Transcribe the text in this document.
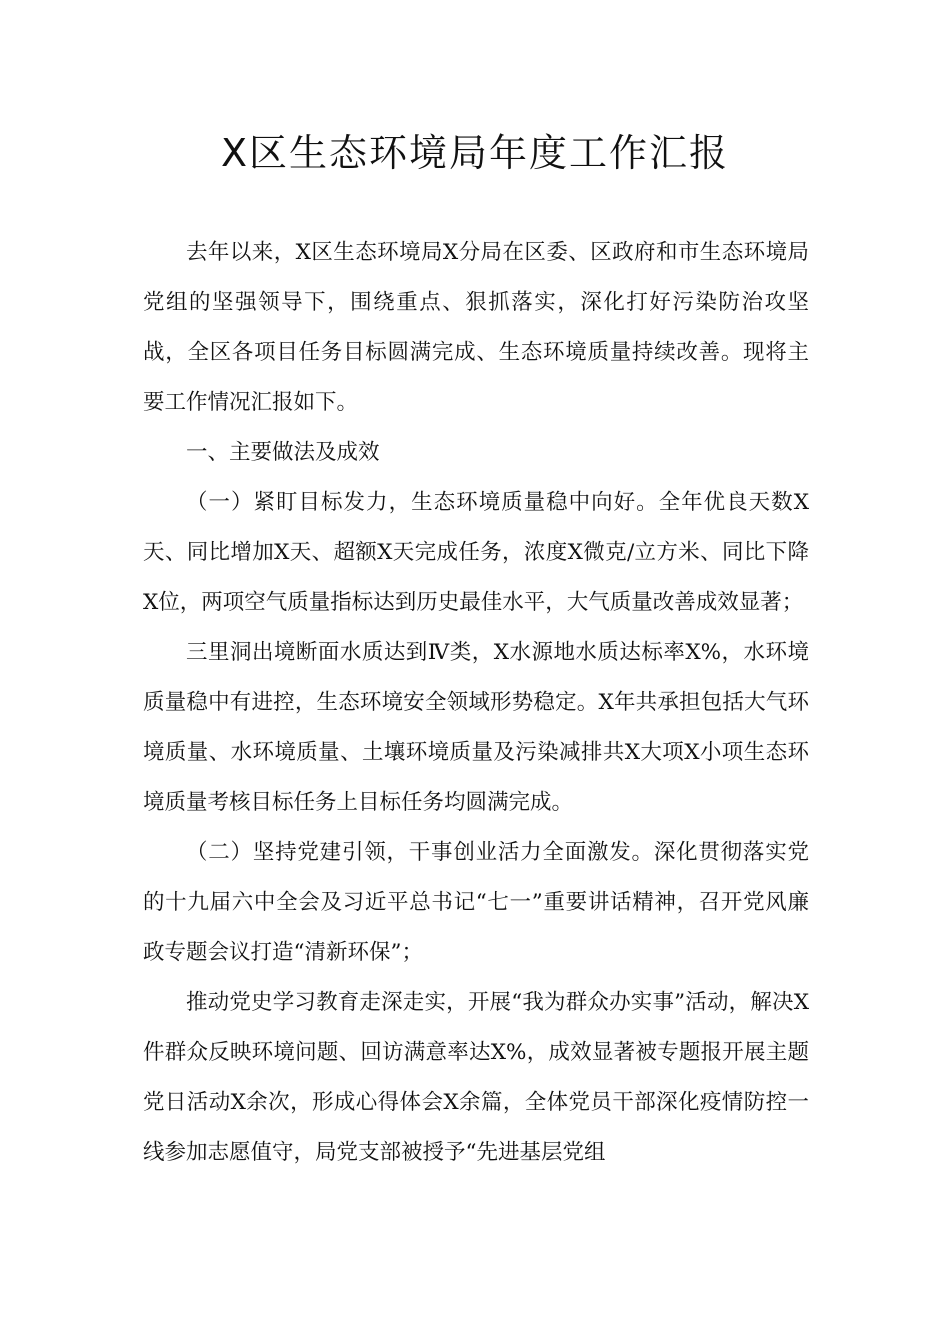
X区生态环境局年度工作汇报

去年以来，X区生态环境局X分局在区委、区政府和市生态环境局党组的坚强领导下，围绕重点、狠抓落实，深化打好污染防治攻坚战，全区各项目任务目标圆满完成、生态环境质量持续改善。现将主要工作情况汇报如下。

一、主要做法及成效

（一）紧盯目标发力，生态环境质量稳中向好。全年优良天数X天、同比增加X天、超额X天完成任务，浓度X微克/立方米、同比下降X位，两项空气质量指标达到历史最佳水平，大气质量改善成效显著；

三里洞出境断面水质达到Ⅳ类，X水源地水质达标率X%，水环境质量稳中有进控，生态环境安全领域形势稳定。X年共承担包括大气环境质量、水环境质量、土壤环境质量及污染减排共X大项X小项生态环境质量考核目标任务上目标任务均圆满完成。

（二）坚持党建引领，干事创业活力全面激发。深化贯彻落实党的十九届六中全会及习近平总书记“七一”重要讲话精神，召开党风廉政专题会议打造“清新环保”；

推动党史学习教育走深走实，开展“我为群众办实事”活动，解决X件群众反映环境问题、回访满意率达X%，成效显著被专题报开展主题党日活动X余次，形成心得体会X余篇，全体党员干部深化疫情防控一线参加志愿值守，局党支部被授予“先进基层党组
